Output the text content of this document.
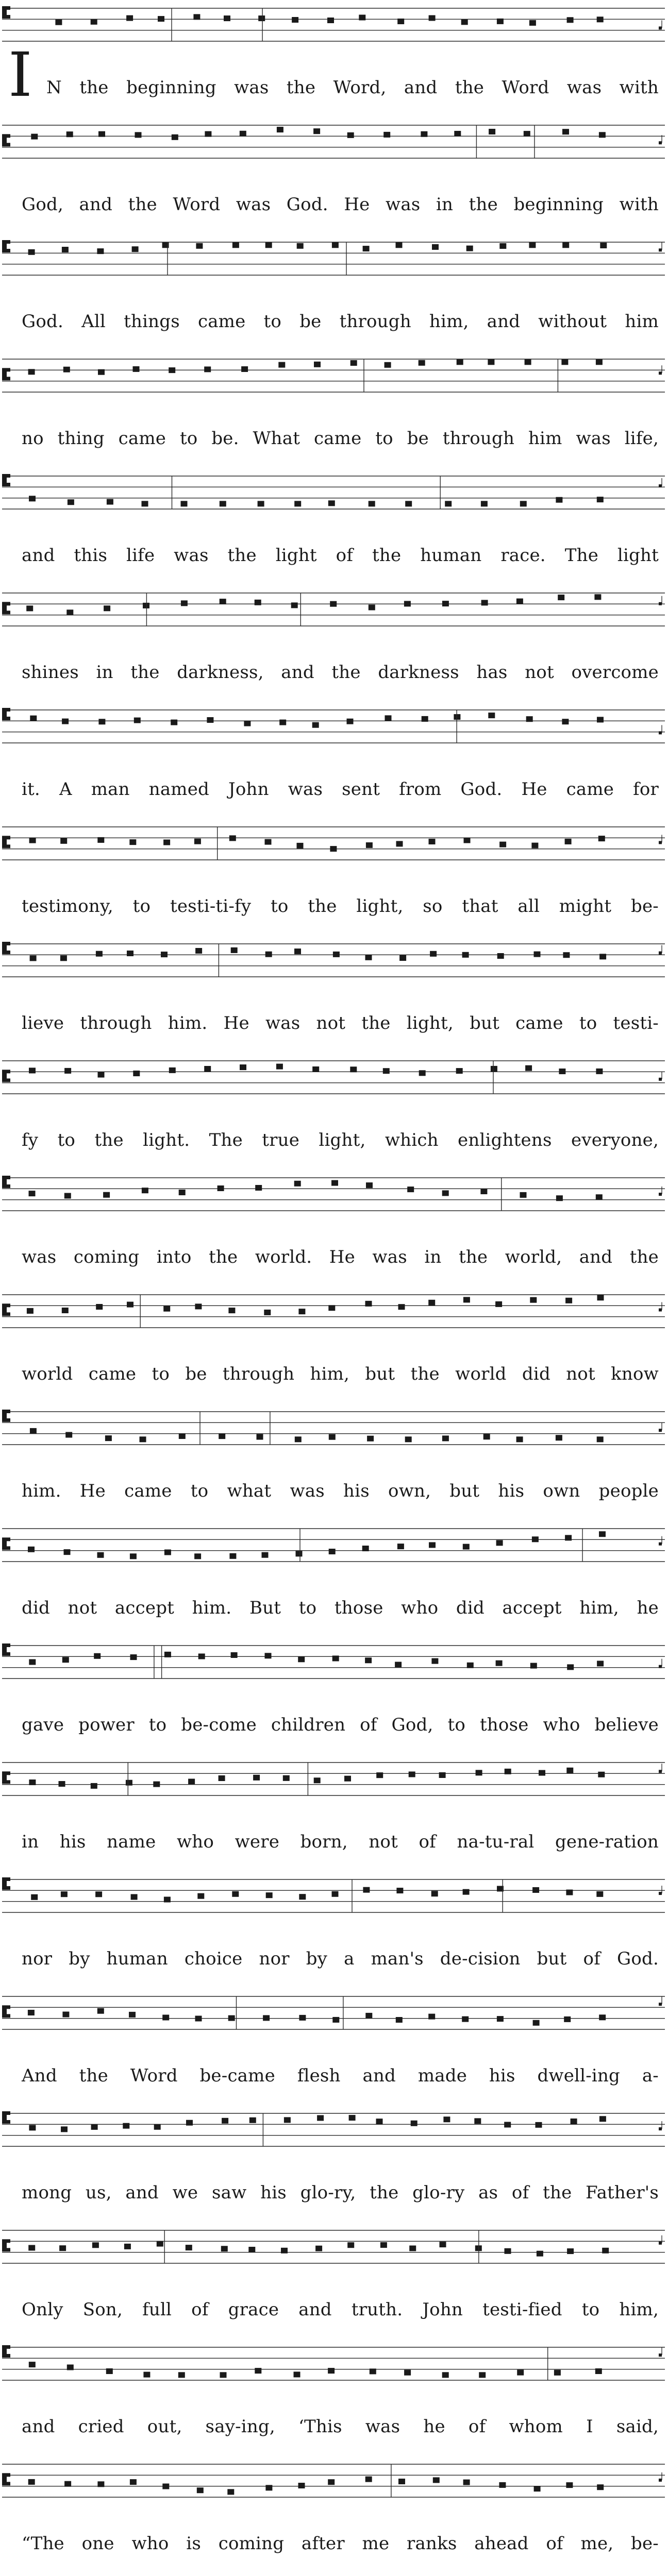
I N the beginning was the Word, and the Word was with
God, and the Word was God. He was in the beginning with
God. All things came to be through him, and without him
no thing came to be. What came to be through him was life,
and this life was the light of the human race. The light
shines in the darkness, and the darkness has not overcome
it. A man named John was sent from God. He came for
testimony, to testi-ti-fy to the light, so that all might be-
lieve through him. He was not the light, but came to testi-
fy to the light. The true light, which enlightens everyone,
was coming into the world. He was in the world, and the
world came to be through him, but the world did not know
him. He came to what was his own, but his own people
did not accept him. But to those who did accept him, he
gave power to be-come children of God, to those who believe
in his name who were born, not of na-tu-ral gene-ration
nor by human choice nor by a man's de-cision but of God.
And the Word be-came flesh and made his dwell-ing a-
mong us, and we saw his glo-ry, the glo-ry as of the Father's
Only Son, full of grace and truth. John testi-fied to him,
and cried out, say-ing, ‘This was he of whom I said,
“The one who is coming after me ranks ahead of me, be-
